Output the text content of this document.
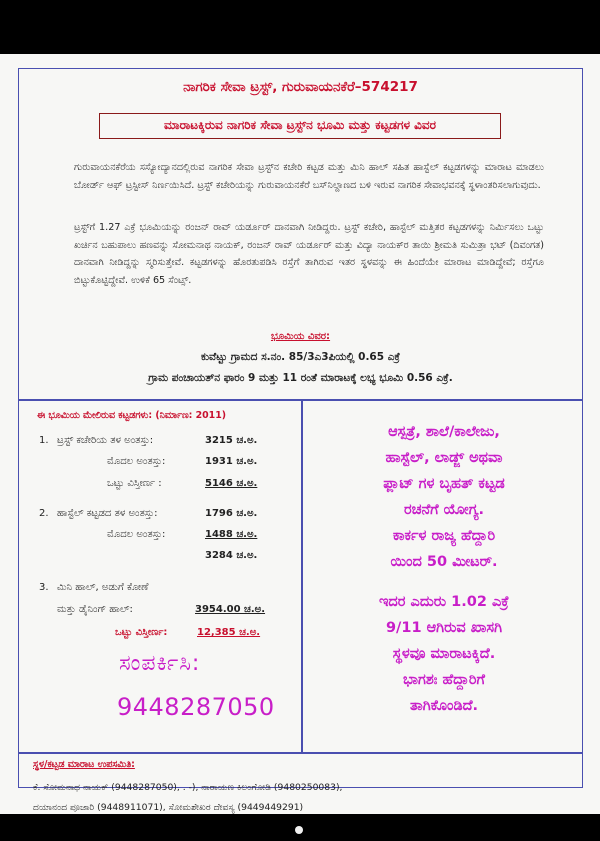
ನಾಗರಿಕ ಸೇವಾ ಟ್ರಸ್ಟ್, ಗುರುವಾಯನಕೆರೆ–574217
ಮಾರಾಟಕ್ಕಿರುವ ನಾಗರಿಕ ಸೇವಾ ಟ್ರಸ್ಟ್‌ನ ಭೂಮಿ ಮತ್ತು ಕಟ್ಟಡಗಳ ವಿವರ
ಗುರುವಾಯನಕೆರೆಯ ಸಸ್ಯೋದ್ಯಾನದಲ್ಲಿರುವ ನಾಗರಿಕ ಸೇವಾ ಟ್ರಸ್ಟ್‌ನ ಕಚೇರಿ ಕಟ್ಟಡ ಮತ್ತು ಮಿನಿ ಹಾಲ್ ಸಹಿತ ಹಾಸ್ಟೆಲ್ ಕಟ್ಟಡಗಳನ್ನು ಮಾರಾಟ ಮಾಡಲು ಬೋರ್ಡ್ ಆಫ್ ಟ್ರಸ್ಟೀಸ್ ನಿರ್ಣಯಿಸಿದೆ. ಟ್ರಸ್ಟ್ ಕಚೇರಿಯನ್ನು ಗುರುವಾಯನಕೆರೆ ಬಸ್‌ನಿಲ್ದಾಣದ ಬಳಿ ಇರುವ ನಾಗರಿಕ ಸೇವಾಭವನಕ್ಕೆ ಸ್ಥಳಾಂತರಿಸಲಾಗುವುದು.
ಟ್ರಸ್ಟ್‌ಗೆ 1.27 ಎಕ್ರೆ ಭೂಮಿಯನ್ನು ರಂಜನ್ ರಾವ್ ಯರ್ಡೂರ್ ದಾನವಾಗಿ ನೀಡಿದ್ದರು. ಟ್ರಸ್ಟ್ ಕಚೇರಿ, ಹಾಸ್ಟೆಲ್ ಮತ್ತಿತರ ಕಟ್ಟಡಗಳನ್ನು ನಿರ್ಮಿಸಲು ಒಟ್ಟು ಖರ್ಚಿನ ಬಹುಪಾಲು ಹಣವನ್ನು ಸೋಮನಾಥ ನಾಯಕ್, ರಂಜನ್ ರಾವ್ ಯರ್ಡೂರ್ ಮತ್ತು ವಿದ್ಯಾ ನಾಯಕ್‌ರ ತಾಯಿ ಶ್ರೀಮತಿ ಸುಮಿತ್ರಾ ಭಟ್ (ದಿವಂಗತ) ದಾನವಾಗಿ ನೀಡಿದ್ದನ್ನು ಸ್ಮರಿಸುತ್ತೇವೆ. ಕಟ್ಟಡಗಳನ್ನು ಹೊರತುಪಡಿಸಿ ರಸ್ತೆಗೆ ತಾಗಿರುವ ಇತರ ಸ್ಥಳವನ್ನು ಈ ಹಿಂದೆಯೇ ಮಾರಾಟ ಮಾಡಿದ್ದೇವೆ; ರಸ್ತೆಗೂ ಬಿಟ್ಟುಕೊಟ್ಟಿದ್ದೇವೆ. ಉಳಿಕೆ 65 ಸೆಂಟ್ಸ್.
ಭೂಮಿಯ ವಿವರ:
ಕುವೆಟ್ಟು ಗ್ರಾಮದ ಸ.ನಂ. 85/3ಎ3ಪಿಯಲ್ಲಿ 0.65 ಎಕ್ರೆ
ಗ್ರಾಮ ಪಂಚಾಯತ್‌ನ ಫಾರಂ 9 ಮತ್ತು 11 ರಂತೆ ಮಾರಾಟಕ್ಕೆ ಲಭ್ಯ ಭೂಮಿ 0.56 ಎಕ್ರೆ.
ಈ ಭೂಮಿಯ ಮೇಲಿರುವ ಕಟ್ಟಡಗಳು: (ನಿರ್ಮಾಣ: 2011)
1. ಟ್ರಸ್ಟ್ ಕಚೇರಿಯ ತಳ ಅಂತಸ್ತು:	3215 ಚ.ಅ.
ಮೊದಲ ಅಂತಸ್ತು:	1931 ಚ.ಅ.
ಒಟ್ಟು ವಿಸ್ತೀರ್ಣ :	5146 ಚ.ಅ.
2. ಹಾಸ್ಟೆಲ್ ಕಟ್ಟಡದ ತಳ ಅಂತಸ್ತು:	1796 ಚ.ಅ.
ಮೊದಲ ಅಂತಸ್ತು:	1488 ಚ.ಅ.
3284 ಚ.ಅ.
3. ಮಿನಿ ಹಾಲ್, ಅಡುಗೆ ಕೋಣೆ
ಮತ್ತು ಡೈನಿಂಗ್ ಹಾಲ್:	3954.00 ಚ.ಅ.
ಒಟ್ಟು ವಿಸ್ತೀರ್ಣ:	12,385 ಚ.ಅ.
ಸಂಪರ್ಕಿಸಿ:
9448287050
ಆಸ್ಪತ್ರೆ, ಶಾಲೆ/ಕಾಲೇಜು,
ಹಾಸ್ಟೆಲ್, ಲಾಡ್ಜ್ ಅಥವಾ
ಫ್ಲಾಟ್ ಗಳ ಬೃಹತ್ ಕಟ್ಟಡ
ರಚನೆಗೆ ಯೋಗ್ಯ.
ಕಾರ್ಕಳ ರಾಜ್ಯ ಹೆದ್ದಾರಿ
ಯಿಂದ 50 ಮೀಟರ್.
ಇದರ ಎದುರು 1.02 ಎಕ್ರೆ
9/11 ಆಗಿರುವ ಖಾಸಗಿ
ಸ್ಥಳವೂ ಮಾರಾಟಕ್ಕಿದೆ.
ಭಾಗಶಃ ಹೆದ್ದಾರಿಗೆ
ತಾಗಿಕೊಂಡಿದೆ.
ಸ್ಥಳ/ಕಟ್ಟಡ ಮಾರಾಟ ಉಪಸಮಿತಿ:
ಕೆ. ಸೋಮನಾಥ ನಾಯಕ್ (9448287050), . -), ನಾರಾಯಣ ಕಿಲಂಗೋಡಿ (9480250083),
ದಯಾನಂದ ಪೂಜಾರಿ (9448911071), ಸೋಮಶೇಖರ ದೇವಸ್ಯ (9449449291)
